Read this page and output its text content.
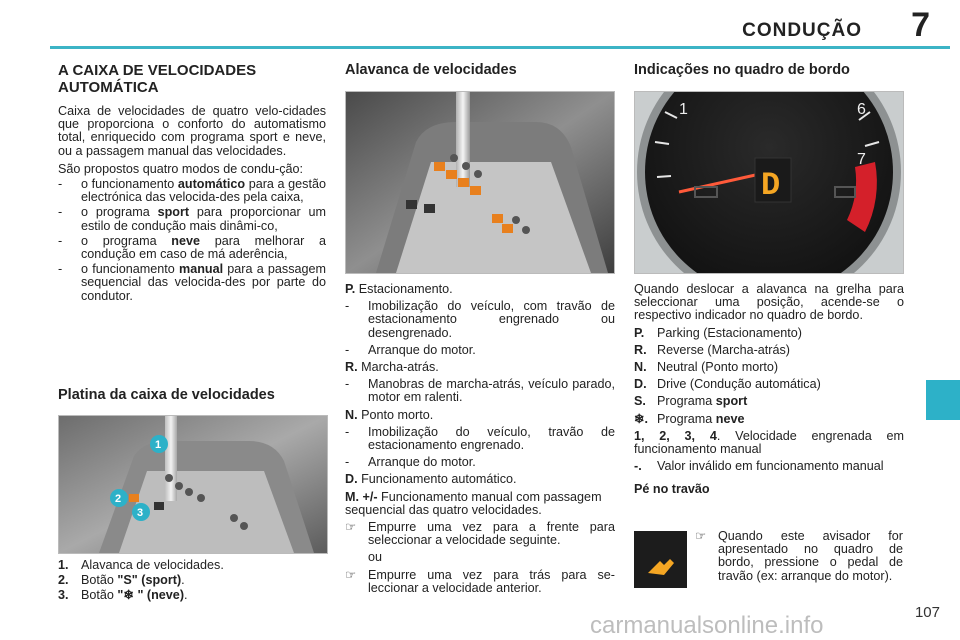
CONDUÇÃO 7

A CAIXA DE VELOCIDADES AUTOMÁTICA

Caixa de velocidades de quatro velo-cidades que proporciona o conforto do automatismo total, enriquecido com programa sport e neve, ou a passagem manual das velocidades.

São propostos quatro modos de condu-ção:

- o funcionamento automático para a gestão electrónica das velocida-des pela caixa,
- o programa sport para proporcionar um estilo de condução mais dinâmi-co,
- o programa neve para melhorar a condução em caso de má aderência,
- o funcionamento manual para a passagem sequencial das velocida-des por parte do condutor.
Platina da caixa de velocidades
1
2
3
1. Alavanca de velocidades.
2. Botão "S" (sport).
3. Botão "❄ " (neve).
Alavanca de velocidades
P. Estacionamento.
- Imobilização do veículo, com travão de estacionamento engrenado ou desengrenado.
- Arranque do motor.
R. Marcha-atrás.
- Manobras de marcha-atrás, veículo parado, motor em ralenti.
N. Ponto morto.
- Imobilização do veículo, travão de estacionamento engrenado.
- Arranque do motor.
D. Funcionamento automático.
M. +/- Funcionamento manual com passagem sequencial das quatro velocidades.
☞ Empurre uma vez para a frente para seleccionar a velocidade seguinte.
ou
☞ Empurre uma vez para trás para se-leccionar a velocidade anterior.
Indicações no quadro de bordo
1	6
7
D

Quando deslocar a alavanca na grelha para seleccionar uma posição, acende-se o respectivo indicador no quadro de bordo.

P. Parking (Estacionamento)
R. Reverse (Marcha-atrás)
N. Neutral (Ponto morto)
D. Drive (Condução automática)
S. Programa sport
❄. Programa neve
1, 2, 3, 4. Velocidade engrenada em funcionamento manual
-. Valor inválido em funcionamento manual
Pé no travão
☞ Quando este avisador for apresentado no quadro de bordo, pressione o pedal de travão (ex: arranque do motor).
107
carmanualsonline.info
